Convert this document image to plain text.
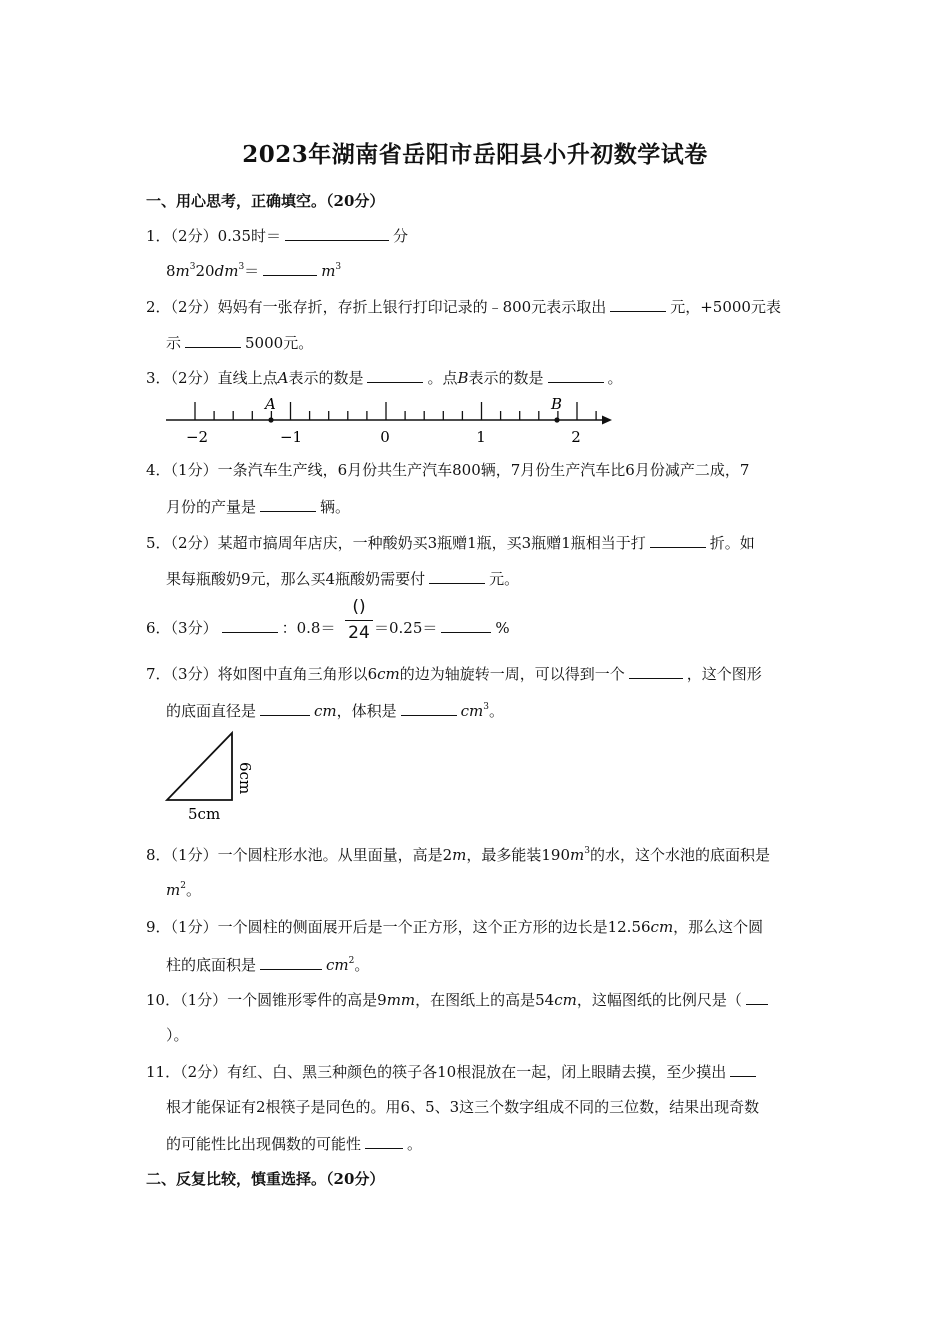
2023年湖南省岳阳市岳阳县小升初数学试卷
一、用心思考，正确填空。（20分）
1．（2分）0.35时＝	分
$8m^320dm^3=$	$m^3$
2．（2分）妈妈有一张存折，存折上银行打印记录的﹣800元表示取出	元，+5000元表
示	5000元。
3．（2分）直线上点A表示的数是	。点B表示的数是	。
A	B
−2	−1	0	1	2
4．（1分）一条汽车生产线，6月份共生产汽车800辆，7月份生产汽车比6月份减产二成，7
月份的产量是	辆。
5．（2分）某超市搞周年店庆，一种酸奶买3瓶赠1瓶，买3瓶赠1瓶相当于打	折。如
果每瓶酸奶9元，那么买4瓶酸奶需要付	元。
6．（3分）	：0.8＝
()
24 ＝0.25＝	%
7．（3分）将如图中直角三角形以6cm的边为轴旋转一周，可以得到一个	，这个图形
的底面直径是	cm，体积是	$cm^3$。
6cm
5cm
8．（1分）一个圆柱形水池。从里面量，高是2m，最多能装$190m^3$的水，这个水池的底面积是
$m^2$。
9．（1分）一个圆柱的侧面展开后是一个正方形，这个正方形的边长是12.56cm，那么这个圆
柱的底面积是	$cm^2$。
10．（1分）一个圆锥形零件的高是9mm，在图纸上的高是54cm，这幅图纸的比例尺是（
）。
11．（2分）有红、白、黑三种颜色的筷子各10根混放在一起，闭上眼睛去摸，至少摸出
根才能保证有2根筷子是同色的。用6、5、3这三个数字组成不同的三位数，结果出现奇数
的可能性比出现偶数的可能性	。
二、反复比较，慎重选择。（20分）
